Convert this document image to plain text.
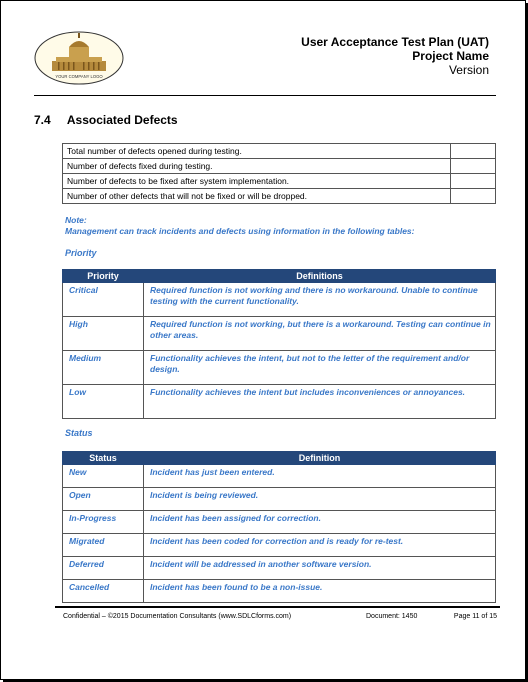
YOUR COMPANY LOGO
User Acceptance Test Plan (UAT)
Project Name
Version
7.4 Associated Defects
Total number of defects opened during testing.	
Number of defects fixed during testing.	
Number of defects to be fixed after system implementation.	
Number of other defects that will not be fixed or will be dropped.	
Note:
Management can track incidents and defects using information in the following tables:
Priority
Priority	Definitions
Critical	Required function is not working and there is no workaround. Unable to continue testing with the current functionality.
High	Required function is not working, but there is a workaround. Testing can continue in other areas.
Medium	Functionality achieves the intent, but not to the letter of the requirement and/or design.
Low	Functionality achieves the intent but includes inconveniences or annoyances.
Status
Status	Definition
New	Incident has just been entered.
Open	Incident is being reviewed.
In-Progress	Incident has been assigned for correction.
Migrated	Incident has been coded for correction and is ready for re-test.
Deferred	Incident will be addressed in another software version.
Cancelled	Incident has been found to be a non-issue.
Confidential – ©2015 Documentation Consultants (www.SDLCforms.com)	Document: 1450	Page 11 of 15
